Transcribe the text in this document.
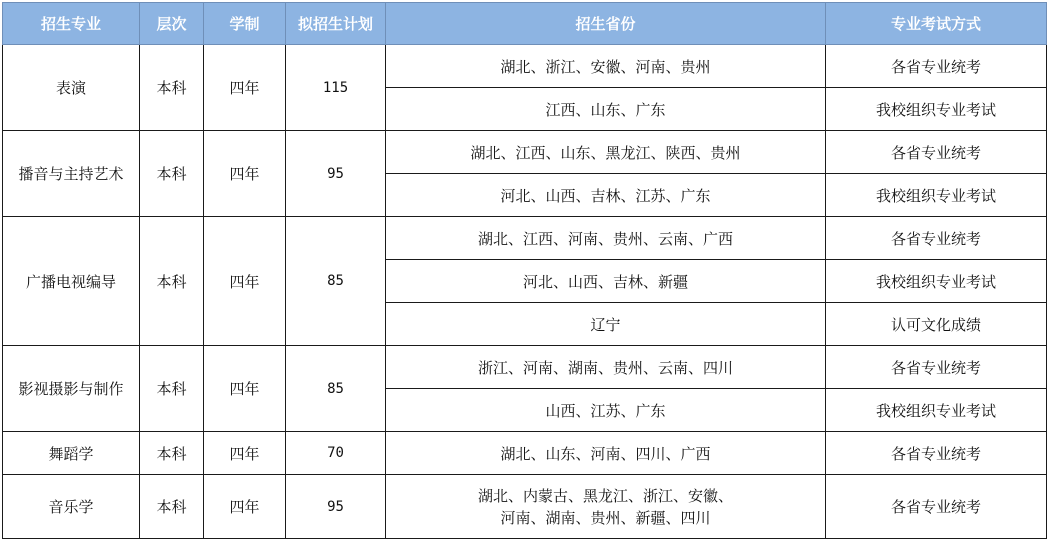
招生专业	层次	学制	拟招生计划	招生省份	专业考试方式
表演	本科	四年	115	湖北、浙江、安徽、河南、贵州	各省专业统考
				江西、山东、广东	我校组织专业考试
播音与主持艺术	本科	四年	95	湖北、江西、山东、黑龙江、陕西、贵州	各省专业统考
				河北、山西、吉林、江苏、广东	我校组织专业考试
广播电视编导	本科	四年	85	湖北、江西、河南、贵州、云南、广西	各省专业统考
				河北、山西、吉林、新疆	我校组织专业考试
				辽宁	认可文化成绩
影视摄影与制作	本科	四年	85	浙江、河南、湖南、贵州、云南、四川	各省专业统考
				山西、江苏、广东	我校组织专业考试
舞蹈学	本科	四年	70	湖北、山东、河南、四川、广西	各省专业统考
音乐学	本科	四年	95	湖北、内蒙古、黑龙江、浙江、安徽、
河南、湖南、贵州、新疆、四川	各省专业统考
